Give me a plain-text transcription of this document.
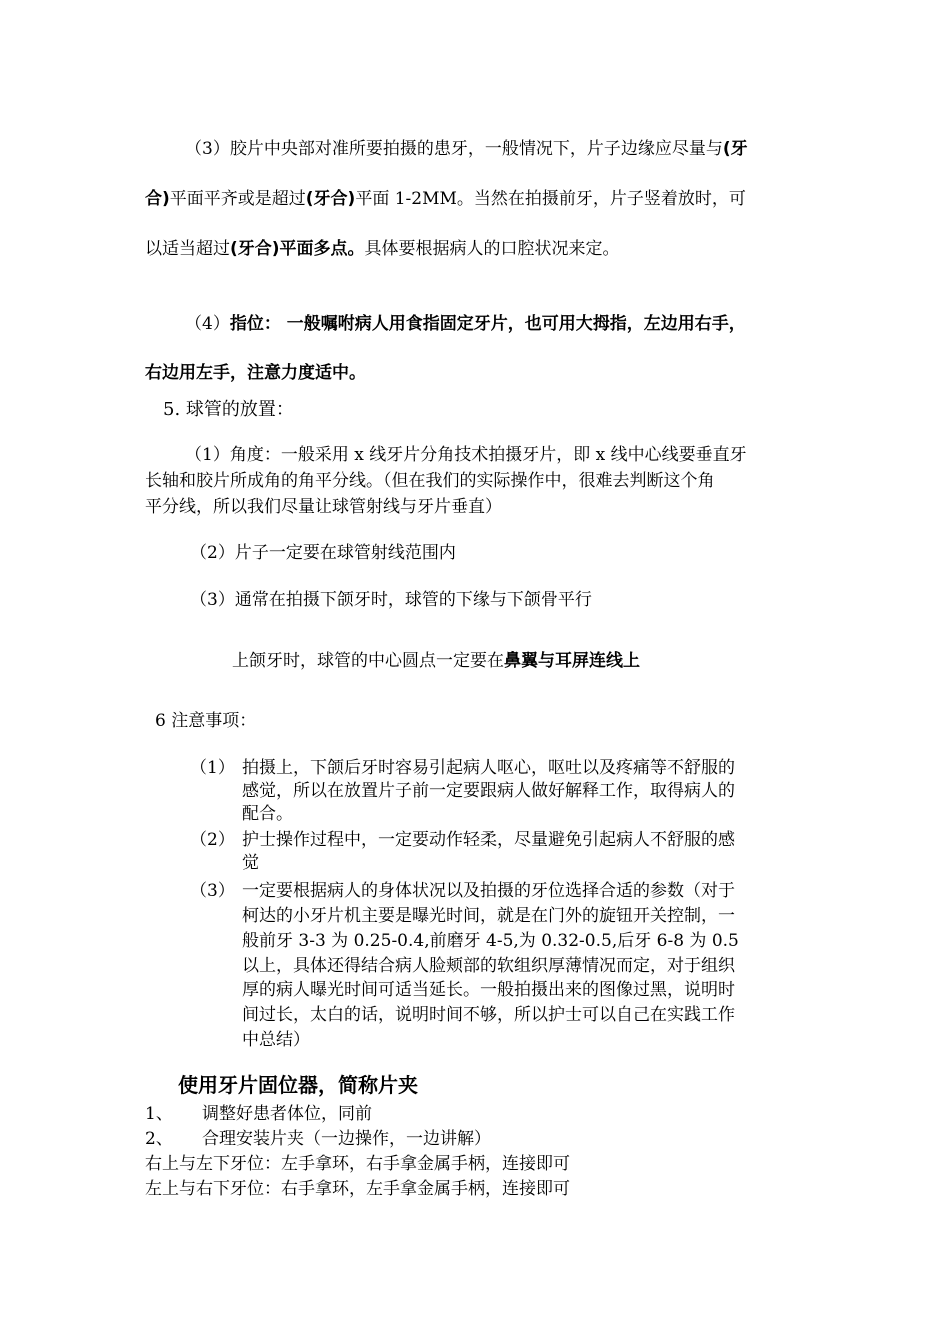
（3）胶片中央部对准所要拍摄的患牙，一般情况下，片子边缘应尽量与(牙
合)平面平齐或是超过(牙合)平面 1-2MM。当然在拍摄前牙，片子竖着放时，可
以适当超过(牙合)平面多点。具体要根据病人的口腔状况来定。
（4）指位： 一般嘱咐病人用食指固定牙片，也可用大拇指，左边用右手，
右边用左手，注意力度适中。
5. 球管的放置：
（1）角度：一般采用 x 线牙片分角技术拍摄牙片，即 x 线中心线要垂直牙
长轴和胶片所成角的角平分线。（但在我们的实际操作中，很难去判断这个角
平分线，所以我们尽量让球管射线与牙片垂直）
（2）片子一定要在球管射线范围内
（3）通常在拍摄下颌牙时，球管的下缘与下颌骨平行
上颌牙时，球管的中心圆点一定要在鼻翼与耳屏连线上
6 注意事项：
（1） 拍摄上，下颌后牙时容易引起病人呕心，呕吐以及疼痛等不舒服的
感觉，所以在放置片子前一定要跟病人做好解释工作，取得病人的
配合。
（2） 护士操作过程中，一定要动作轻柔，尽量避免引起病人不舒服的感
觉
（3） 一定要根据病人的身体状况以及拍摄的牙位选择合适的参数（对于
柯达的小牙片机主要是曝光时间，就是在门外的旋钮开关控制，一
般前牙 3-3 为 0.25-0.4,前磨牙 4-5,为 0.32-0.5,后牙 6-8 为 0.5
以上，具体还得结合病人脸颊部的软组织厚薄情况而定，对于组织
厚的病人曝光时间可适当延长。一般拍摄出来的图像过黑，说明时
间过长，太白的话，说明时间不够，所以护士可以自己在实践工作
中总结）
使用牙片固位器，简称片夹
1、 调整好患者体位，同前
2、 合理安装片夹（一边操作，一边讲解）
右上与左下牙位：左手拿环，右手拿金属手柄，连接即可
左上与右下牙位：右手拿环，左手拿金属手柄，连接即可
